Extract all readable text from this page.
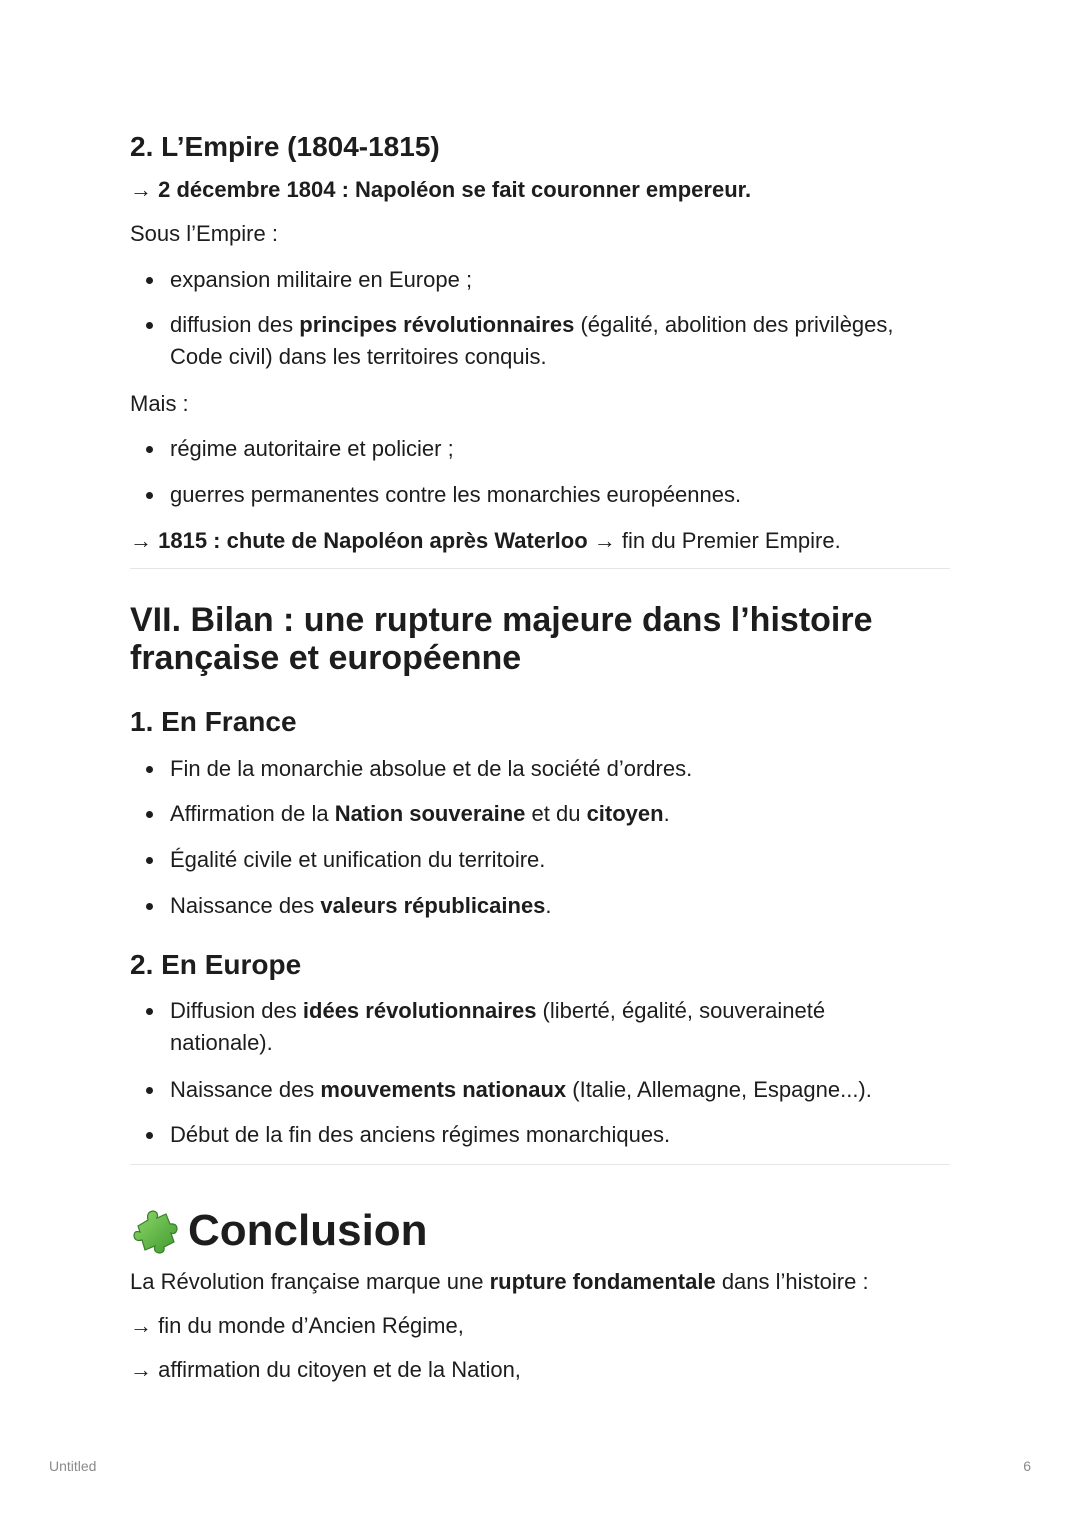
2. L’Empire (1804-1815)
→ 2 décembre 1804 : Napoléon se fait couronner empereur.
Sous l’Empire :
expansion militaire en Europe ;
diffusion des principes révolutionnaires (égalité, abolition des privilèges, Code civil) dans les territoires conquis.
Mais :
régime autoritaire et policier ;
guerres permanentes contre les monarchies européennes.
→ 1815 : chute de Napoléon après Waterloo → fin du Premier Empire.
VII. Bilan : une rupture majeure dans l’histoire française et européenne
1. En France
Fin de la monarchie absolue et de la société d’ordres.
Affirmation de la Nation souveraine et du citoyen.
Égalité civile et unification du territoire.
Naissance des valeurs républicaines.
2. En Europe
Diffusion des idées révolutionnaires (liberté, égalité, souveraineté nationale).
Naissance des mouvements nationaux (Italie, Allemagne, Espagne...).
Début de la fin des anciens régimes monarchiques.
Conclusion
La Révolution française marque une rupture fondamentale dans l’histoire :
→ fin du monde d’Ancien Régime,
→ affirmation du citoyen et de la Nation,
Untitled	6
